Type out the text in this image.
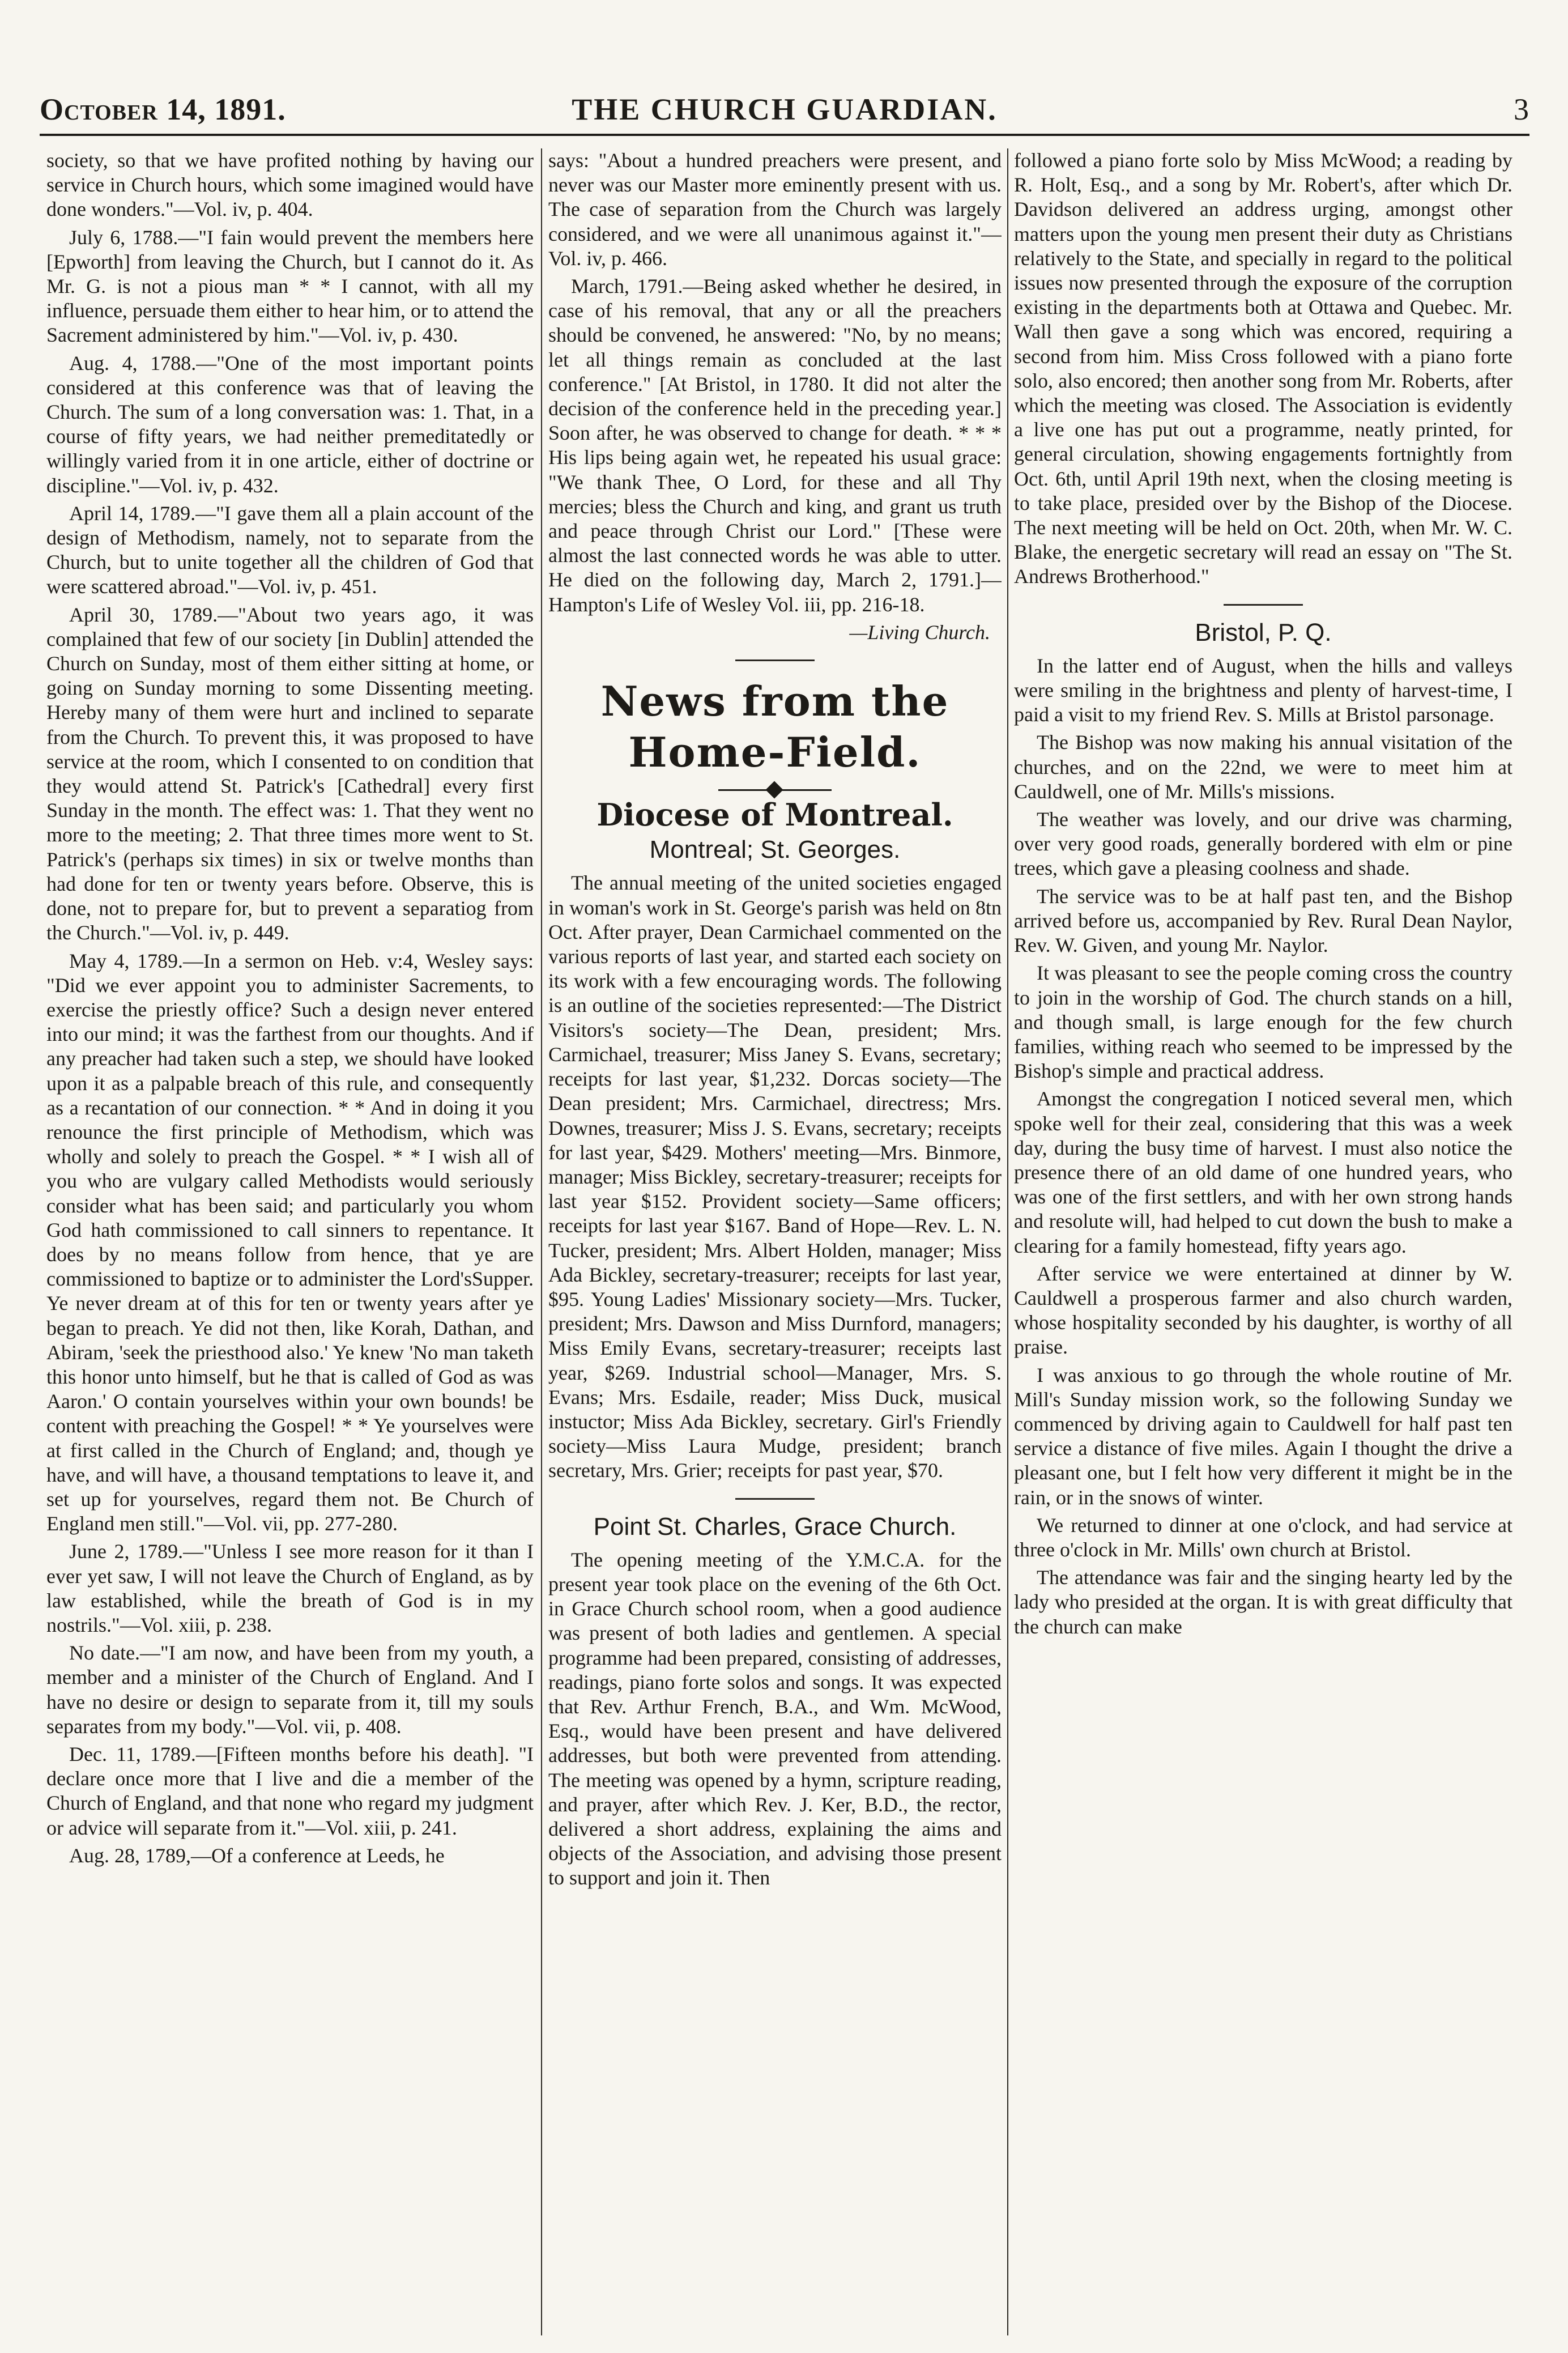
THE CHURCH GUARDIAN.
October 14, 1891.	3

society, so that we have profited nothing by having our service in Church hours, which some imagined would have done wonders."—Vol. iv, p. 404.

July 6, 1788.—"I fain would prevent the members here [Epworth] from leaving the Church, but I cannot do it. As Mr. G. is not a pious man * * I cannot, with all my influence, persuade them either to hear him, or to attend the Sacrement administered by him."—Vol. iv, p. 430.

Aug. 4, 1788.—"One of the most important points considered at this conference was that of leaving the Church. The sum of a long conversation was: 1. That, in a course of fifty years, we had neither premeditatedly or willingly varied from it in one article, either of doctrine or discipline."—Vol. iv, p. 432.

April 14, 1789.—"I gave them all a plain account of the design of Methodism, namely, not to separate from the Church, but to unite together all the children of God that were scattered abroad."—Vol. iv, p. 451.

April 30, 1789.—"About two years ago, it was complained that few of our society [in Dublin] attended the Church on Sunday, most of them either sitting at home, or going on Sunday morning to some Dissenting meeting. Hereby many of them were hurt and inclined to separate from the Church. To prevent this, it was proposed to have service at the room, which I consented to on condition that they would attend St. Patrick's [Cathedral] every first Sunday in the month. The effect was: 1. That they went no more to the meeting; 2. That three times more went to St. Patrick's (perhaps six times) in six or twelve months than had done for ten or twenty years before. Observe, this is done, not to prepare for, but to prevent a separatiog from the Church."—Vol. iv, p. 449.

May 4, 1789.—In a sermon on Heb. v:4, Wesley says: "Did we ever appoint you to administer Sacrements, to exercise the priestly office? Such a design never entered into our mind; it was the farthest from our thoughts. And if any preacher had taken such a step, we should have looked upon it as a palpable breach of this rule, and consequently as a recantation of our connection. * * And in doing it you renounce the first principle of Methodism, which was wholly and solely to preach the Gospel. * * I wish all of you who are vulgary called Methodists would seriously consider what has been said; and particularly you whom God hath commissioned to call sinners to repentance. It does by no means follow from hence, that ye are commissioned to baptize or to administer the Lord'sSupper. Ye never dream at of this for ten or twenty years after ye began to preach. Ye did not then, like Korah, Dathan, and Abiram, 'seek the priesthood also.' Ye knew 'No man taketh this honor unto himself, but he that is called of God as was Aaron.' O contain yourselves within your own bounds! be content with preaching the Gospel! * * Ye yourselves were at first called in the Church of England; and, though ye have, and will have, a thousand temptations to leave it, and set up for yourselves, regard them not. Be Church of England men still."—Vol. vii, pp. 277-280.

June 2, 1789.—"Unless I see more reason for it than I ever yet saw, I will not leave the Church of England, as by law established, while the breath of God is in my nostrils."—Vol. xiii, p. 238.

No date.—"I am now, and have been from my youth, a member and a minister of the Church of England. And I have no desire or design to separate from it, till my souls separates from my body."—Vol. vii, p. 408.

Dec. 11, 1789.—[Fifteen months before his death]. "I declare once more that I live and die a member of the Church of England, and that none who regard my judgment or advice will separate from it."—Vol. xiii, p. 241.

Aug. 28, 1789,—Of a conference at Leeds, he

says: "About a hundred preachers were present, and never was our Master more eminently present with us. The case of separation from the Church was largely considered, and we were all unanimous against it."—Vol. iv, p. 466.

March, 1791.—Being asked whether he desired, in case of his removal, that any or all the preachers should be convened, he answered: "No, by no means; let all things remain as concluded at the last conference." [At Bristol, in 1780. It did not alter the decision of the conference held in the preceding year.] Soon after, he was observed to change for death. * * * His lips being again wet, he repeated his usual grace: "We thank Thee, O Lord, for these and all Thy mercies; bless the Church and king, and grant us truth and peace through Christ our Lord." [These were almost the last connected words he was able to utter. He died on the following day, March 2, 1791.]—Hampton's Life of Wesley Vol. iii, pp. 216-18.

—Living Church.

News from the Home-Field.
Diocese of Montreal.
Montreal; St. Georges.

The annual meeting of the united societies engaged in woman's work in St. George's parish was held on 8tn Oct. After prayer, Dean Carmichael commented on the various reports of last year, and started each society on its work with a few encouraging words. The following is an outline of the societies represented:—The District Visitors's society—The Dean, president; Mrs. Carmichael, treasurer; Miss Janey S. Evans, secretary; receipts for last year, $1,232. Dorcas society—The Dean president; Mrs. Carmichael, directress; Mrs. Downes, treasurer; Miss J. S. Evans, secretary; receipts for last year, $429. Mothers' meeting—Mrs. Binmore, manager; Miss Bickley, secretary-treasurer; receipts for last year $152. Provident society—Same officers; receipts for last year $167. Band of Hope—Rev. L. N. Tucker, president; Mrs. Albert Holden, manager; Miss Ada Bickley, secretary-treasurer; receipts for last year, $95. Young Ladies' Missionary society—Mrs. Tucker, president; Mrs. Dawson and Miss Durnford, managers; Miss Emily Evans, secretary-treasurer; receipts last year, $269. Industrial school—Manager, Mrs. S. Evans; Mrs. Esdaile, reader; Miss Duck, musical instuctor; Miss Ada Bickley, secretary. Girl's Friendly society—Miss Laura Mudge, president; branch secretary, Mrs. Grier; receipts for past year, $70.

Point St. Charles, Grace Church.

The opening meeting of the Y.M.C.A. for the present year took place on the evening of the 6th Oct. in Grace Church school room, when a good audience was present of both ladies and gentlemen. A special programme had been prepared, consisting of addresses, readings, piano forte solos and songs. It was expected that Rev. Arthur French, B.A., and Wm. McWood, Esq., would have been present and have delivered addresses, but both were prevented from attending. The meeting was opened by a hymn, scripture reading, and prayer, after which Rev. J. Ker, B.D., the rector, delivered a short address, explaining the aims and objects of the Association, and advising those present to support and join it. Then

followed a piano forte solo by Miss McWood; a reading by R. Holt, Esq., and a song by Mr. Robert's, after which Dr. Davidson delivered an address urging, amongst other matters upon the young men present their duty as Christians relatively to the State, and specially in regard to the political issues now presented through the exposure of the corruption existing in the departments both at Ottawa and Quebec. Mr. Wall then gave a song which was encored, requiring a second from him. Miss Cross followed with a piano forte solo, also encored; then another song from Mr. Roberts, after which the meeting was closed. The Association is evidently a live one has put out a programme, neatly printed, for general circulation, showing engagements fortnightly from Oct. 6th, until April 19th next, when the closing meeting is to take place, presided over by the Bishop of the Diocese. The next meeting will be held on Oct. 20th, when Mr. W. C. Blake, the energetic secretary will read an essay on "The St. Andrews Brotherhood."

Bristol, P. Q.

In the latter end of August, when the hills and valleys were smiling in the brightness and plenty of harvest-time, I paid a visit to my friend Rev. S. Mills at Bristol parsonage.

The Bishop was now making his annual visitation of the churches, and on the 22nd, we were to meet him at Cauldwell, one of Mr. Mills's missions.

The weather was lovely, and our drive was charming, over very good roads, generally bordered with elm or pine trees, which gave a pleasing coolness and shade.

The service was to be at half past ten, and the Bishop arrived before us, accompanied by Rev. Rural Dean Naylor, Rev. W. Given, and young Mr. Naylor.

It was pleasant to see the people coming cross the country to join in the worship of God. The church stands on a hill, and though small, is large enough for the few church families, withing reach who seemed to be impressed by the Bishop's simple and practical address.

Amongst the congregation I noticed several men, which spoke well for their zeal, considering that this was a week day, during the busy time of harvest. I must also notice the presence there of an old dame of one hundred years, who was one of the first settlers, and with her own strong hands and resolute will, had helped to cut down the bush to make a clearing for a family homestead, fifty years ago.

After service we were entertained at dinner by W. Cauldwell a prosperous farmer and also church warden, whose hospitality seconded by his daughter, is worthy of all praise.

I was anxious to go through the whole routine of Mr. Mill's Sunday mission work, so the following Sunday we commenced by driving again to Cauldwell for half past ten service a distance of five miles. Again I thought the drive a pleasant one, but I felt how very different it might be in the rain, or in the snows of winter.

We returned to dinner at one o'clock, and had service at three o'clock in Mr. Mills' own church at Bristol.

The attendance was fair and the singing hearty led by the lady who presided at the organ. It is with great difficulty that the church can make
